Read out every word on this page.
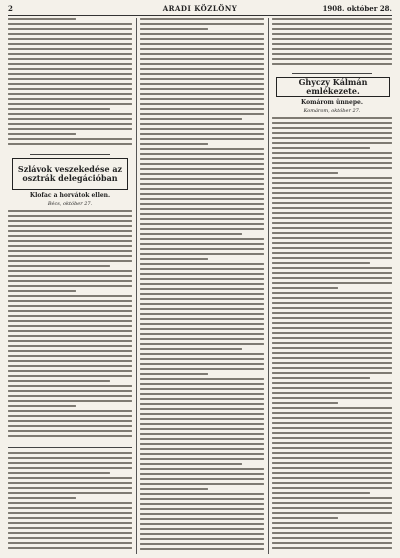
2	ARADI KÖZLÖNY	1908. október 28.
Szlávok veszekedése az osztrák delegációban
Klofac a horvátok ellen.
Bécs, október 27.
Ghyczy Kálmán emlékezete.
Komárom ünnepe.
Komárom, október 27.
